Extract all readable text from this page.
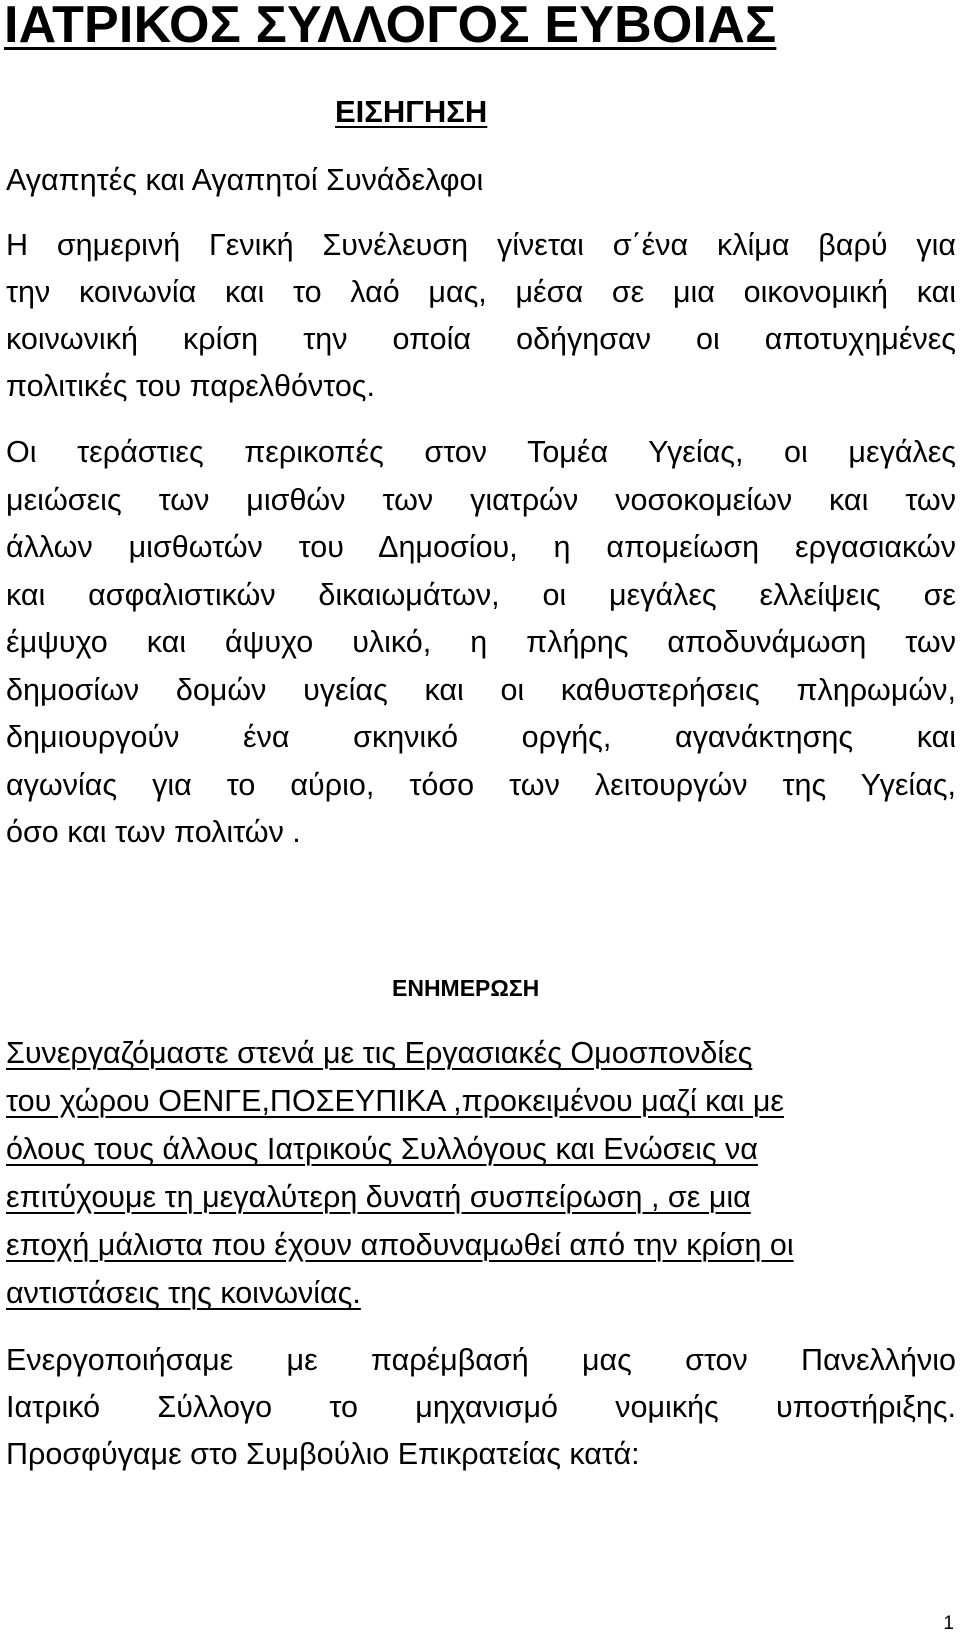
ΙΑΤΡΙΚΟΣ ΣΥΛΛΟΓΟΣ ΕΥΒΟΙΑΣ
ΕΙΣΗΓΗΣΗ

Αγαπητές και Αγαπητοί Συνάδελφοι

Η σημερινή Γενική Συνέλευση γίνεται σ΄ένα κλίμα βαρύ για

την κοινωνία και το λαό μας, μέσα σε μια οικονομική και

κοινωνική κρίση την οποία οδήγησαν οι αποτυχημένες

πολιτικές του παρελθόντος.

Οι τεράστιες περικοπές στον Τομέα Υγείας, οι μεγάλες

μειώσεις των μισθών των γιατρών νοσοκομείων και των

άλλων μισθωτών του Δημοσίου, η απομείωση εργασιακών

και ασφαλιστικών δικαιωμάτων, οι μεγάλες ελλείψεις σε

έμψυχο και άψυχο υλικό, η πλήρης αποδυνάμωση των

δημοσίων δομών υγείας και οι καθυστερήσεις πληρωμών,

δημιουργούν ένα σκηνικό οργής, αγανάκτησης και

αγωνίας για το αύριο, τόσο των λειτουργών της Υγείας,

όσο και των πολιτών .

ΕΝΗΜΕΡΩΣΗ

Συνεργαζόμαστε στενά με τις Εργασιακές Ομοσπονδίες

του χώρου ΟΕΝΓΕ,ΠΟΣΕΥΠΙΚΑ ,προκειμένου μαζί και με

όλους τους άλλους Ιατρικούς Συλλόγους και Ενώσεις να

επιτύχουμε τη μεγαλύτερη δυνατή συσπείρωση , σε μια

εποχή μάλιστα που έχουν αποδυναμωθεί από την κρίση οι

αντιστάσεις της κοινωνίας.

Ενεργοποιήσαμε με παρέμβασή μας στον Πανελλήνιο

Ιατρικό Σύλλογο το μηχανισμό νομικής υποστήριξης.

Προσφύγαμε στο Συμβούλιο Επικρατείας κατά:

1
